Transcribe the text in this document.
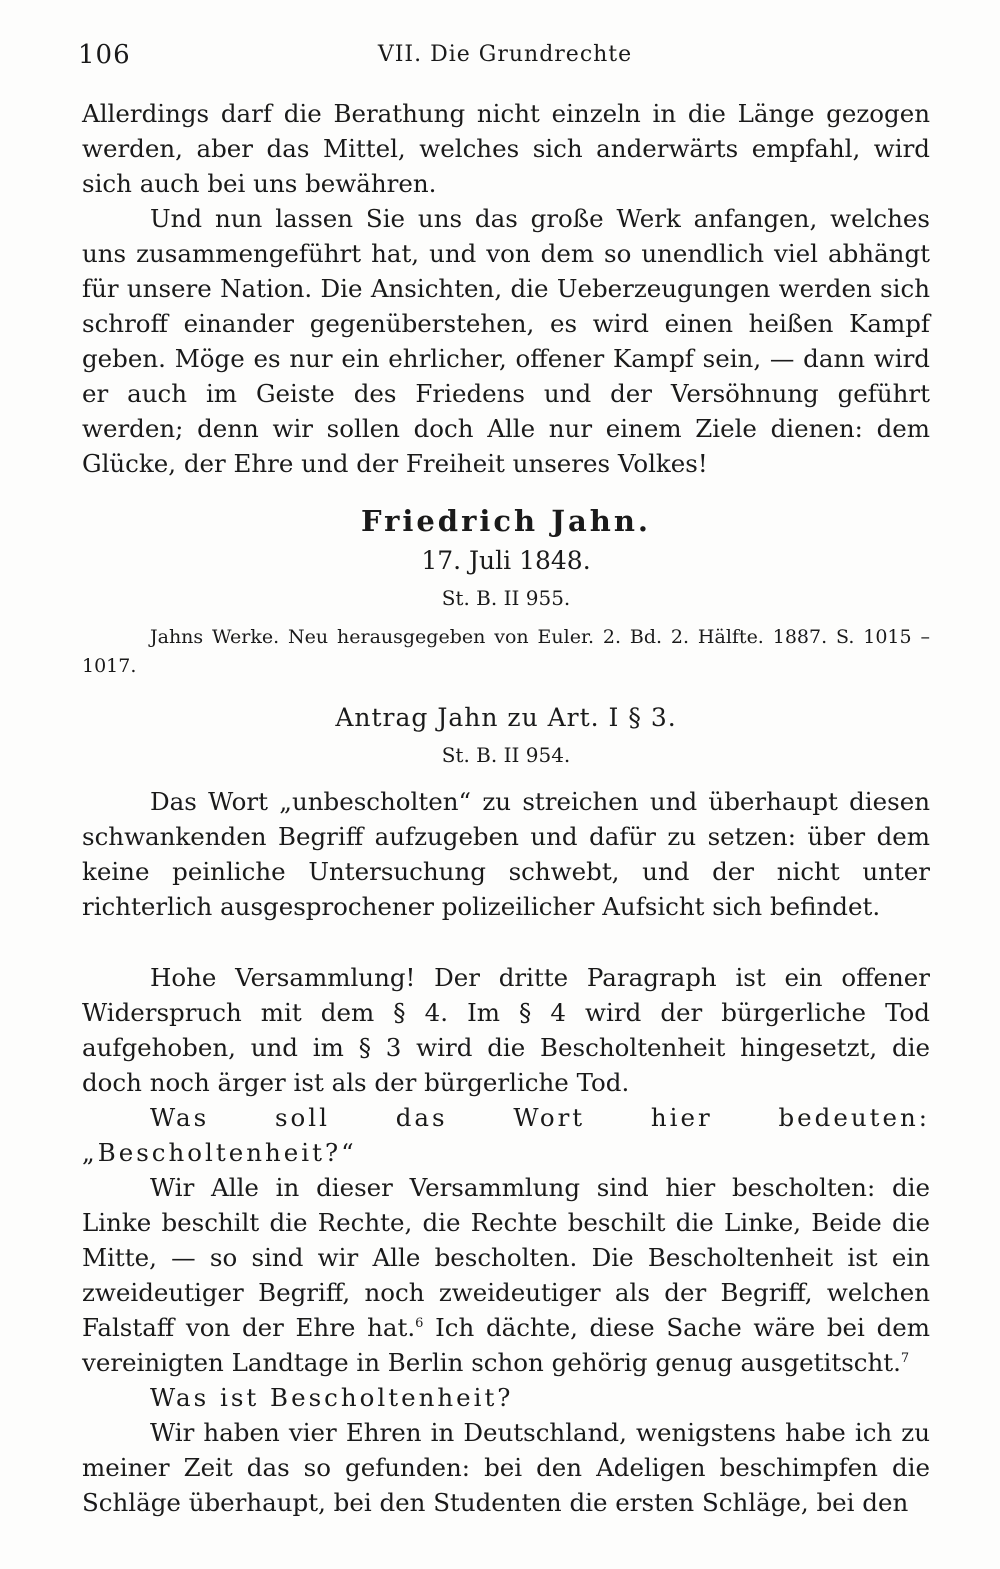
106	VII. Die Grundrechte

Allerdings darf die Berathung nicht einzeln in die Länge gezogen werden, aber das Mittel, welches sich anderwärts empfahl, wird sich auch bei uns bewähren.

Und nun lassen Sie uns das große Werk anfangen, welches uns zusammengeführt hat, und von dem so unendlich viel abhängt für unsere Nation. Die Ansichten, die Ueberzeugungen werden sich schroff einander gegenüberstehen, es wird einen heißen Kampf geben. Möge es nur ein ehrlicher, offener Kampf sein, — dann wird er auch im Geiste des Friedens und der Versöhnung geführt werden; denn wir sollen doch Alle nur einem Ziele dienen: dem Glücke, der Ehre und der Freiheit unseres Volkes!

Friedrich Jahn.

17. Juli 1848.

St. B. II 955.

Jahns Werke. Neu herausgegeben von Euler. 2. Bd. 2. Hälfte. 1887. S. 1015 –1017.

Antrag Jahn zu Art. I § 3.

St. B. II 954.

Das Wort „unbescholten“ zu streichen und überhaupt diesen schwankenden Begriff aufzugeben und dafür zu setzen: über dem keine peinliche Untersuchung schwebt, und der nicht unter richterlich ausgesprochener polizeilicher Aufsicht sich befindet.

Hohe Versammlung! Der dritte Paragraph ist ein offener Widerspruch mit dem § 4. Im § 4 wird der bürgerliche Tod aufgehoben, und im § 3 wird die Bescholtenheit hingesetzt, die doch noch ärger ist als der bürgerliche Tod.

Was soll das Wort hier bedeuten: „Bescholtenheit?“

Wir Alle in dieser Versammlung sind hier bescholten: die Linke beschilt die Rechte, die Rechte beschilt die Linke, Beide die Mitte, — so sind wir Alle bescholten. Die Bescholtenheit ist ein zweideutiger Begriff, noch zweideutiger als der Begriff, welchen Falstaff von der Ehre hat.$^6$ Ich dächte, diese Sache wäre bei dem vereinigten Landtage in Berlin schon gehörig genug ausgetitscht.$^7$

Was ist Bescholtenheit?

Wir haben vier Ehren in Deutschland, wenigstens habe ich zu meiner Zeit das so gefunden: bei den Adeligen beschimpfen die Schläge überhaupt, bei den Studenten die ersten Schläge, bei den
